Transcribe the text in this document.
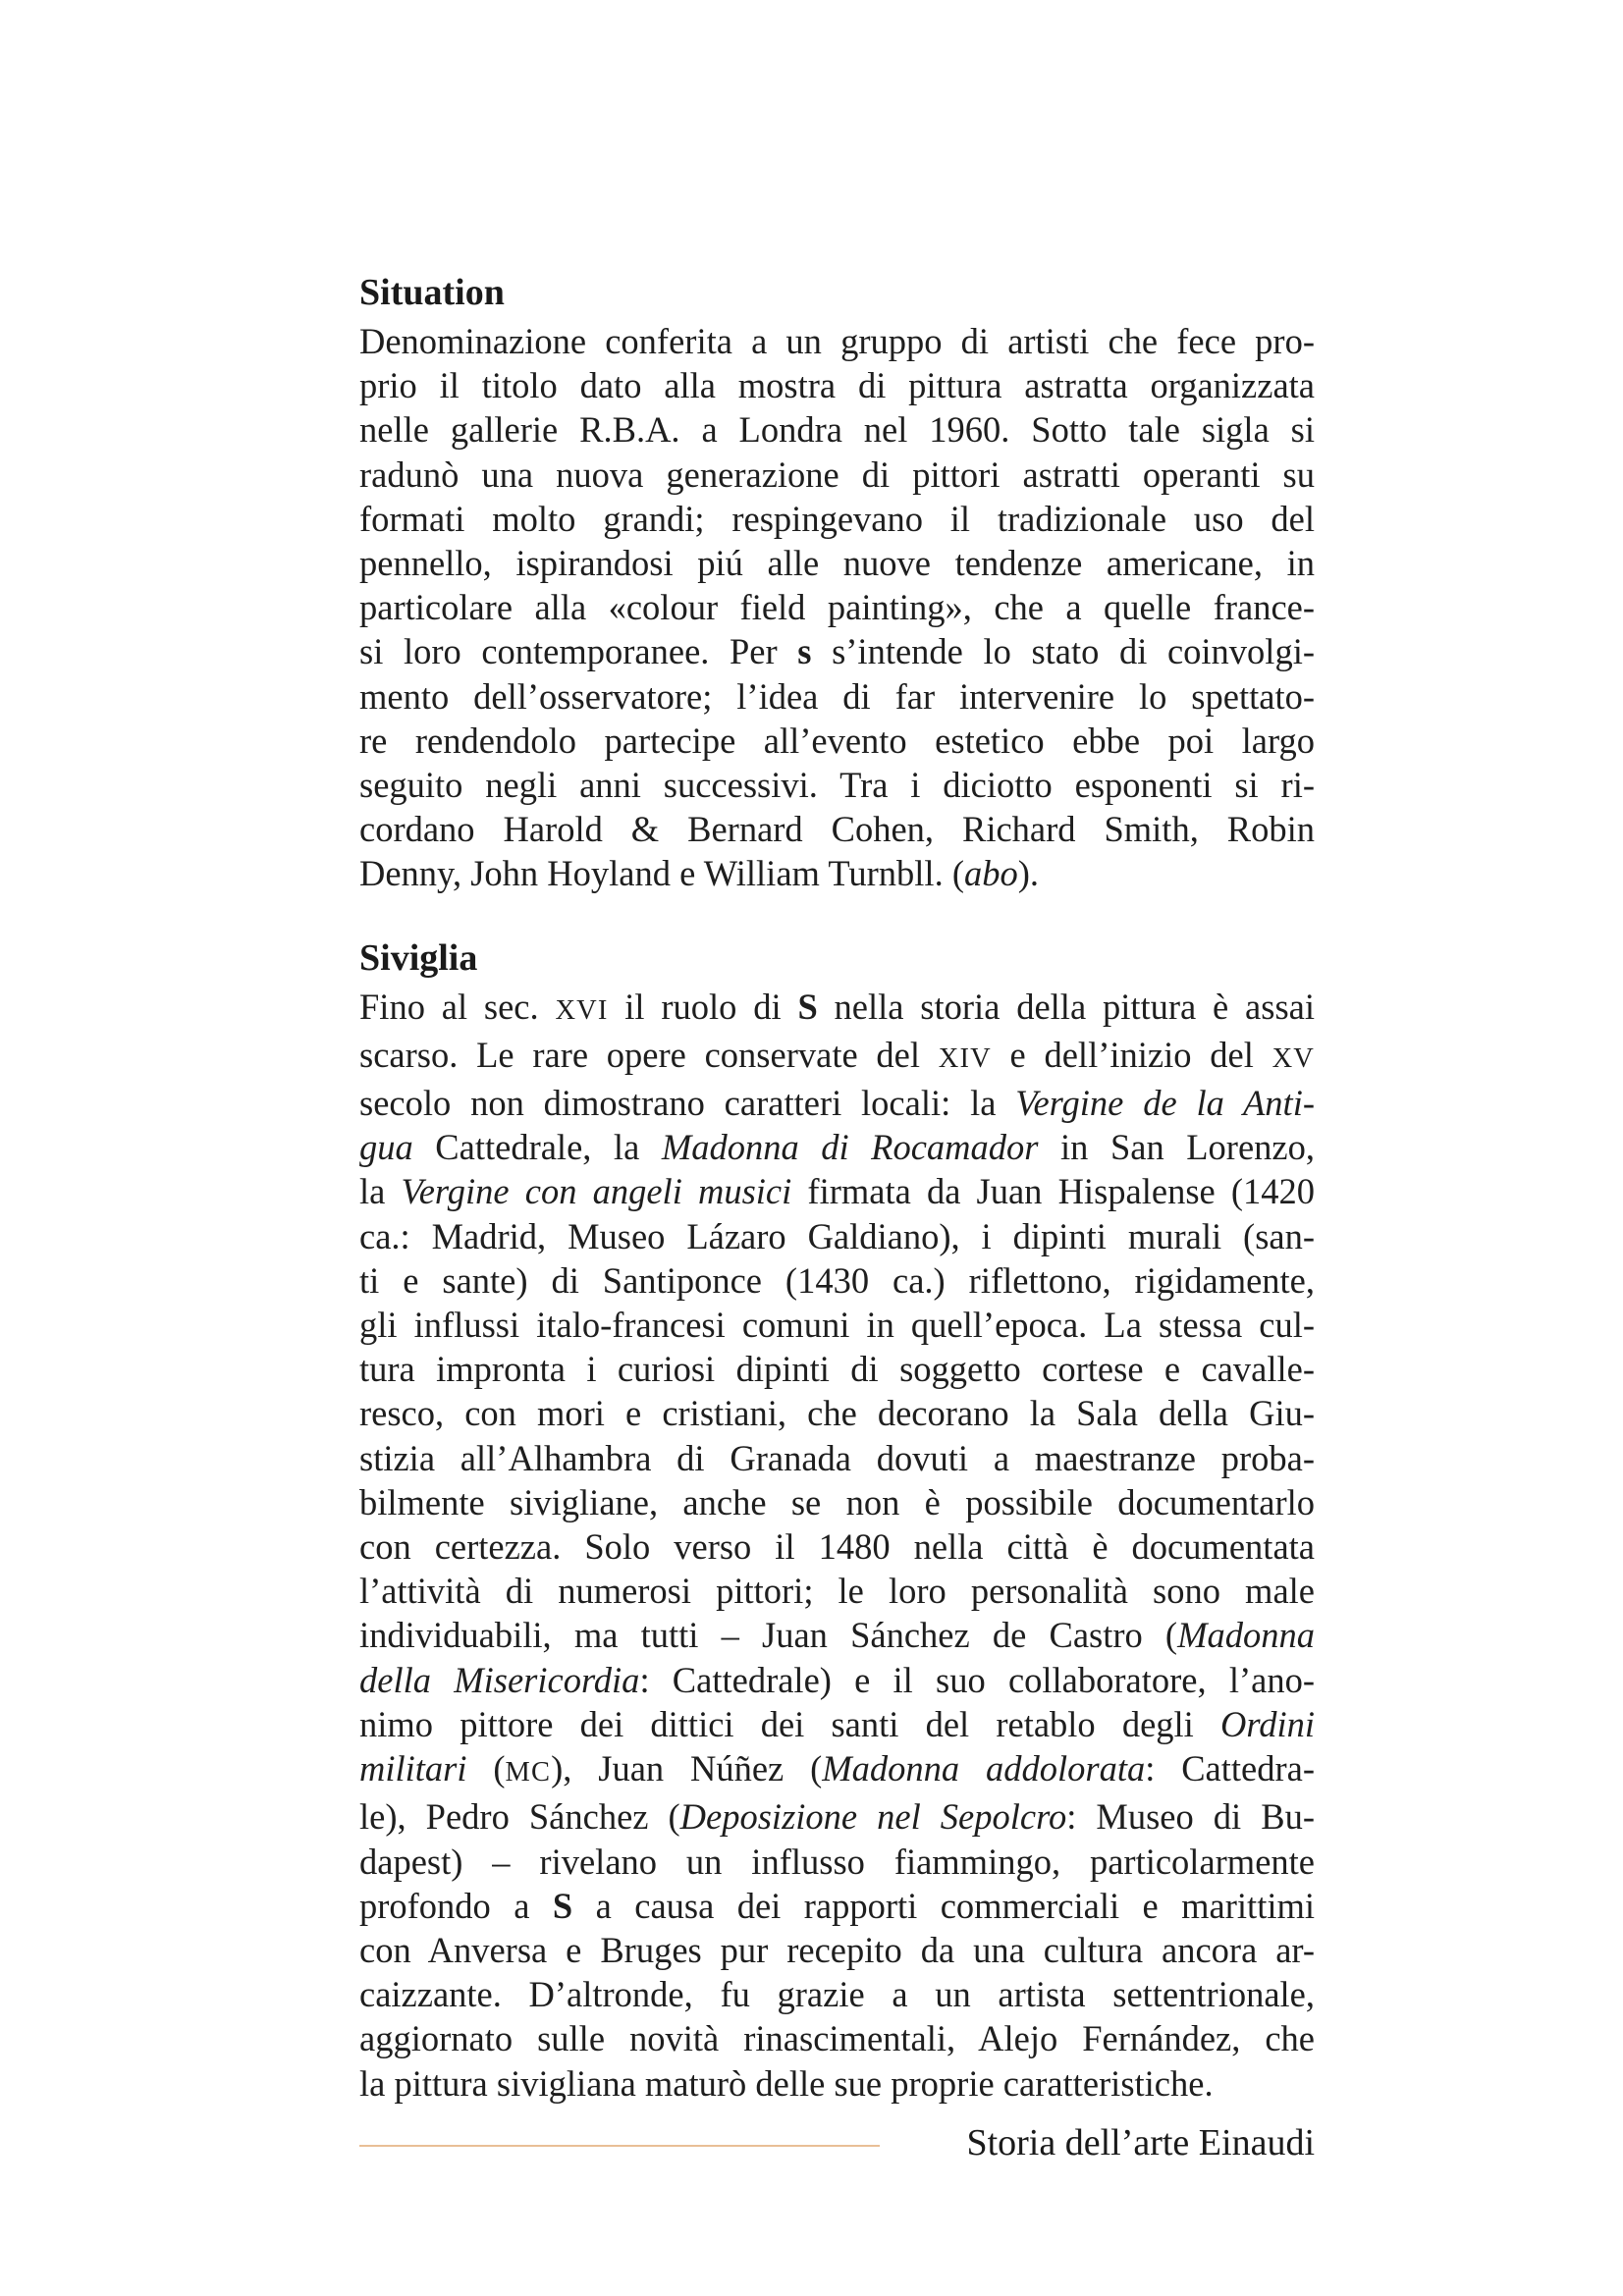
Situation
Denominazione conferita a un gruppo di artisti che fece pro-
prio il titolo dato alla mostra di pittura astratta organizzata
nelle gallerie R.B.A. a Londra nel 1960. Sotto tale sigla si
radunò una nuova generazione di pittori astratti operanti su
formati molto grandi; respingevano il tradizionale uso del
pennello, ispirandosi piú alle nuove tendenze americane, in
particolare alla «colour field painting», che a quelle france-
si loro contemporanee. Per s s’intende lo stato di coinvolgi-
mento dell’osservatore; l’idea di far intervenire lo spettato-
re rendendolo partecipe all’evento estetico ebbe poi largo
seguito negli anni successivi. Tra i diciotto esponenti si ri-
cordano Harold & Bernard Cohen, Richard Smith, Robin
Denny, John Hoyland e William Turnbll. (abo).
Siviglia
Fino al sec. XVI il ruolo di S nella storia della pittura è assai
scarso. Le rare opere conservate del XIV e dell’inizio del XV
secolo non dimostrano caratteri locali: la Vergine de la Anti-
gua Cattedrale, la Madonna di Rocamador in San Lorenzo,
la Vergine con angeli musici firmata da Juan Hispalense (1420
ca.: Madrid, Museo Lázaro Galdiano), i dipinti murali (san-
ti e sante) di Santiponce (1430 ca.) riflettono, rigidamente,
gli influssi italo-francesi comuni in quell’epoca. La stessa cul-
tura impronta i curiosi dipinti di soggetto cortese e cavalle-
resco, con mori e cristiani, che decorano la Sala della Giu-
stizia all’Alhambra di Granada dovuti a maestranze proba-
bilmente sivigliane, anche se non è possibile documentarlo
con certezza. Solo verso il 1480 nella città è documentata
l’attività di numerosi pittori; le loro personalità sono male
individuabili, ma tutti – Juan Sánchez de Castro (Madonna
della Misericordia: Cattedrale) e il suo collaboratore, l’ano-
nimo pittore dei dittici dei santi del retablo degli Ordini
militari (MC), Juan Núñez (Madonna addolorata: Cattedra-
le), Pedro Sánchez (Deposizione nel Sepolcro: Museo di Bu-
dapest) – rivelano un influsso fiammingo, particolarmente
profondo a S a causa dei rapporti commerciali e marittimi
con Anversa e Bruges pur recepito da una cultura ancora ar-
caizzante. D’altronde, fu grazie a un artista settentrionale,
aggiornato sulle novità rinascimentali, Alejo Fernández, che
la pittura sivigliana maturò delle sue proprie caratteristiche.
Storia dell’arte Einaudi
